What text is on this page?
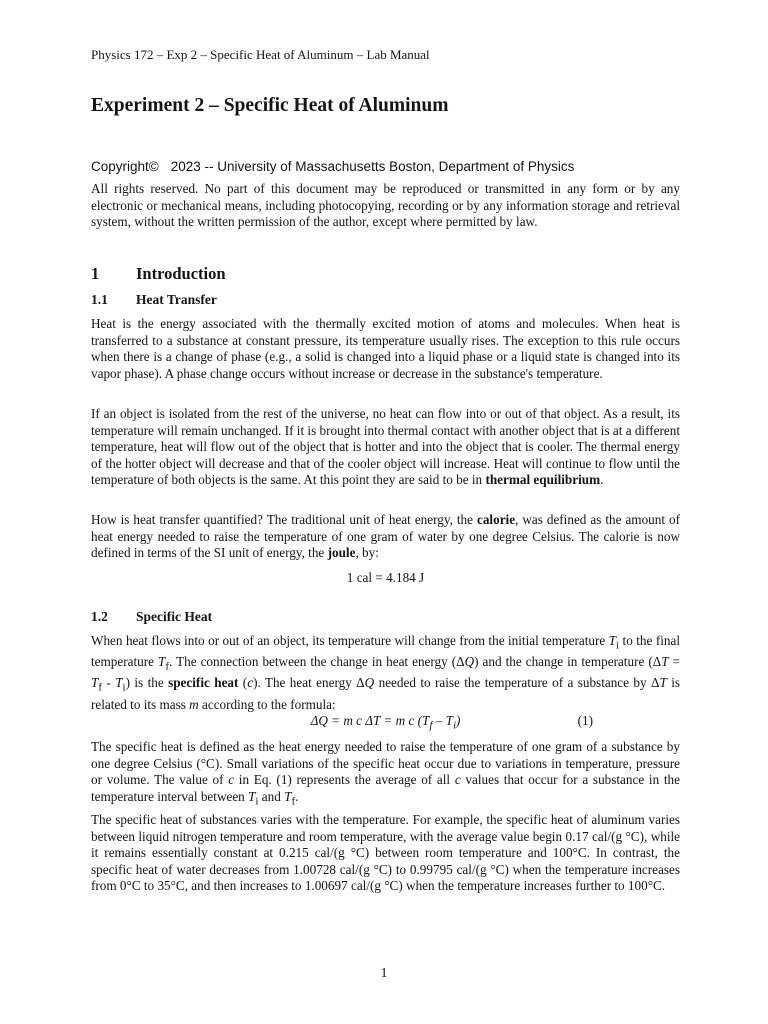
Physics 172 – Exp 2 – Specific Heat of Aluminum – Lab Manual
Experiment 2 – Specific Heat of Aluminum
Copyright© 2023 -- University of Massachusetts Boston, Department of Physics

All rights reserved. No part of this document may be reproduced or transmitted in any form or by any electronic or mechanical means, including photocopying, recording or by any information storage and retrieval system, without the written permission of the author, except where permitted by law.

1 Introduction
1.1 Heat Transfer

Heat is the energy associated with the thermally excited motion of atoms and molecules. When heat is transferred to a substance at constant pressure, its temperature usually rises. The exception to this rule occurs when there is a change of phase (e.g., a solid is changed into a liquid phase or a liquid state is changed into its vapor phase). A phase change occurs without increase or decrease in the substance's temperature.

If an object is isolated from the rest of the universe, no heat can flow into or out of that object. As a result, its temperature will remain unchanged. If it is brought into thermal contact with another object that is at a different temperature, heat will flow out of the object that is hotter and into the object that is cooler. The thermal energy of the hotter object will decrease and that of the cooler object will increase. Heat will continue to flow until the temperature of both objects is the same. At this point they are said to be in thermal equilibrium.

How is heat transfer quantified? The traditional unit of heat energy, the calorie, was defined as the amount of heat energy needed to raise the temperature of one gram of water by one degree Celsius. The calorie is now defined in terms of the SI unit of energy, the joule, by:

1 cal = 4.184 J
1.2 Specific Heat

When heat flows into or out of an object, its temperature will change from the initial temperature $T_i$ to the final temperature $T_f$. The connection between the change in heat energy (ΔQ) and the change in temperature $(\Delta T = T_f - T_i)$ is the specific heat (c). The heat energy ΔQ needed to raise the temperature of a substance by ΔT is related to its mass m according to the formula:

ΔQ = m c ΔT = m c $(T_f - T_i)$	(1)

The specific heat is defined as the heat energy needed to raise the temperature of one gram of a substance by one degree Celsius (°C). Small variations of the specific heat occur due to variations in temperature, pressure or volume. The value of c in Eq. (1) represents the average of all c values that occur for a substance in the temperature interval between $T_i$ and $T_f$.

The specific heat of substances varies with the temperature. For example, the specific heat of aluminum varies between liquid nitrogen temperature and room temperature, with the average value begin 0.17 cal/(g °C), while it remains essentially constant at 0.215 cal/(g °C) between room temperature and 100°C. In contrast, the specific heat of water decreases from 1.00728 cal/(g °C) to 0.99795 cal/(g °C) when the temperature increases from 0°C to 35°C, and then increases to 1.00697 cal/(g °C) when the temperature increases further to 100°C.

1
